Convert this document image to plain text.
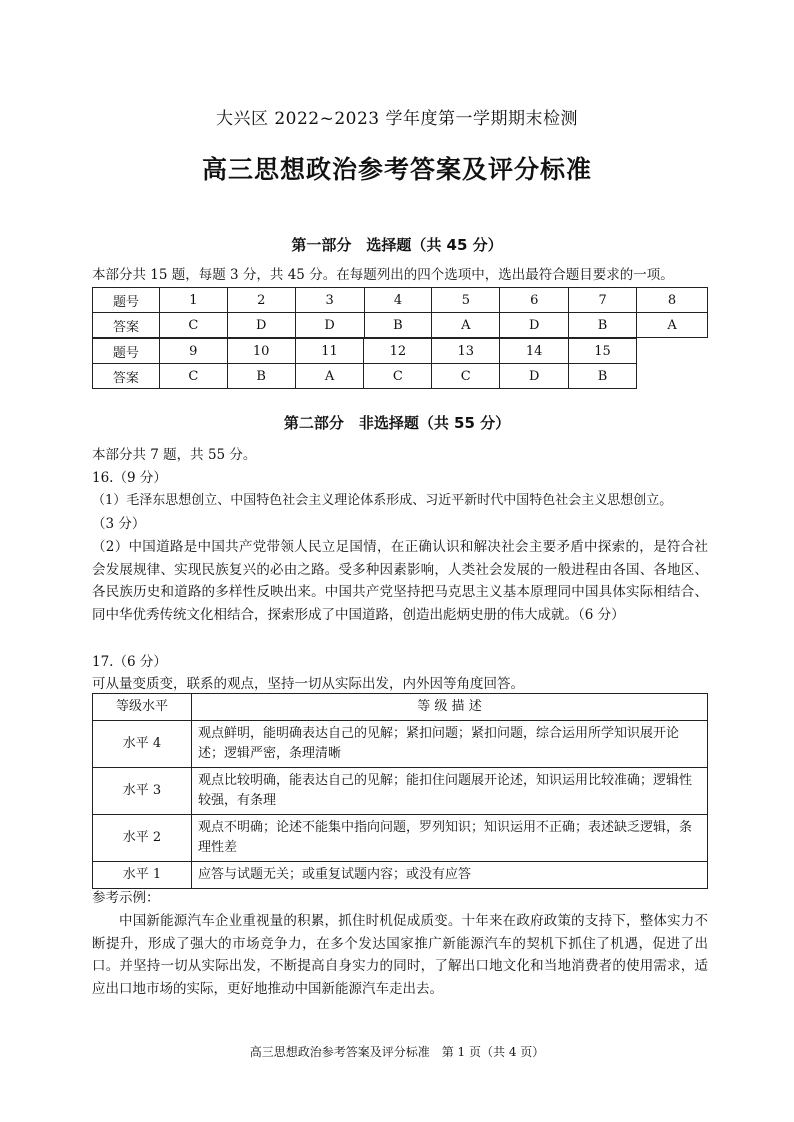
大兴区 2022~2023 学年度第一学期期末检测
高三思想政治参考答案及评分标准
第一部分　选择题（共 45 分）
本部分共 15 题，每题 3 分，共 45 分。在每题列出的四个选项中，选出最符合题目要求的一项。
题号	1	2	3	4	5	6	7	8
答案	C	D	D	B	A	D	B	A
题号	9	10	11	12	13	14	15
答案	C	B	A	C	C	D	B
第二部分　非选择题（共 55 分）
本部分共 7 题，共 55 分。
16.（9 分）
（1）毛泽东思想创立、中国特色社会主义理论体系形成、习近平新时代中国特色社会主义思想创立。
（3 分）
（2）中国道路是中国共产党带领人民立足国情，在正确认识和解决社会主要矛盾中探索的，是符合社会发展规律、实现民族复兴的必由之路。受多种因素影响，人类社会发展的一般进程由各国、各地区、各民族历史和道路的多样性反映出来。中国共产党坚持把马克思主义基本原理同中国具体实际相结合、同中华优秀传统文化相结合，探索形成了中国道路，创造出彪炳史册的伟大成就。（6 分）
17.（6 分）
可从量变质变，联系的观点，坚持一切从实际出发，内外因等角度回答。
等级水平	等 级 描 述
水平 4	观点鲜明，能明确表达自己的见解；紧扣问题；紧扣问题，综合运用所学知识展开论述；逻辑严密，条理清晰
水平 3	观点比较明确，能表达自己的见解；能扣住问题展开论述，知识运用比较准确；逻辑性较强，有条理
水平 2	观点不明确；论述不能集中指向问题，罗列知识；知识运用不正确；表述缺乏逻辑，条理性差
水平 1	应答与试题无关；或重复试题内容；或没有应答
参考示例：
中国新能源汽车企业重视量的积累，抓住时机促成质变。十年来在政府政策的支持下，整体实力不断提升，形成了强大的市场竞争力，在多个发达国家推广新能源汽车的契机下抓住了机遇，促进了出口。并坚持一切从实际出发，不断提高自身实力的同时，了解出口地文化和当地消费者的使用需求，适应出口地市场的实际，更好地推动中国新能源汽车走出去。
高三思想政治参考答案及评分标准　第 1 页（共 4 页）
